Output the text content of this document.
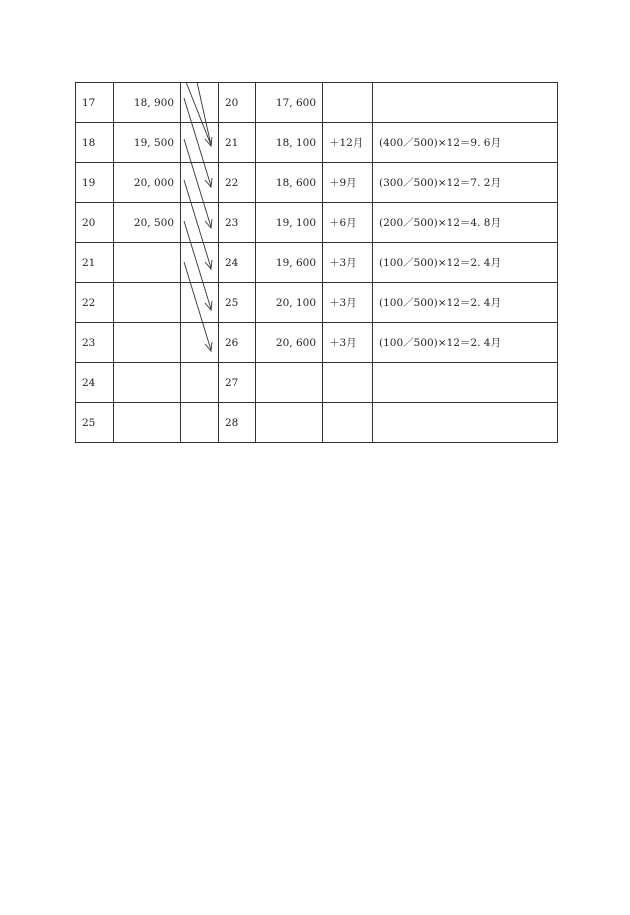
17	18, 900		20	17, 600		
18	19, 500		21	18, 100	＋12月	(400／500)×12＝9. 6月
19	20, 000		22	18, 600	＋9月	(300／500)×12＝7. 2月
20	20, 500		23	19, 100	＋6月	(200／500)×12＝4. 8月
21			24	19, 600	＋3月	(100／500)×12＝2. 4月
22			25	20, 100	＋3月	(100／500)×12＝2. 4月
23			26	20, 600	＋3月	(100／500)×12＝2. 4月
24			27			
25			28			
